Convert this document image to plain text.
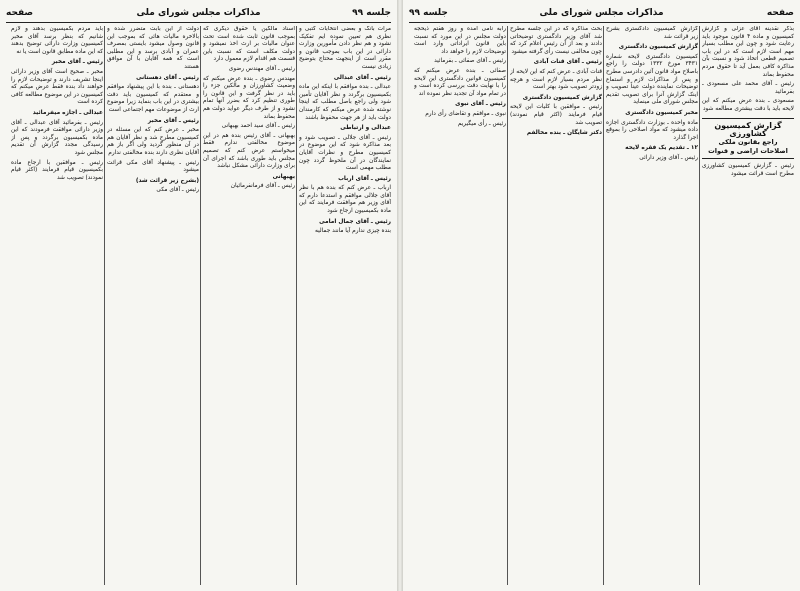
جلسه ۹۹
مذاکرات مجلس شورای ملی
صفحه

مرات بانگ و بعضی انتخابات کتبی و نظری هم تعیین نموده ایم تفکیک نشود و هم نظر دادن مأمورین وزارت دارائی در این باب بموجب قانون و مقرر است از اینجهت محتاج بتوضیح زیادی نیست

رئیس ـ آقای عبدالی

عبدالی ـ بنده موافقم با اینکه این ماده بکمیسیون برگردد و نظر آقایان تأمین شود ولی راجع باصل مطلب که اینجا نوشته شده عرض میکنم که کارمندان دولت باید از هر جهت محفوظ باشند

عبدالی و ارتباطی

رئیس ـ آقای جلالی ـ تصویب شود و بعد مذاکره شود که این موضوع در کمیسیون مطرح و نظرات آقایان نمایندگان در آن ملحوظ گردد چون مطلب مهمی است

رئیس ـ آقای ارباب

ارباب ـ عرض کنم که بنده هم با نظر آقای جلالی موافقم و استدعا دارم که آقای وزیر هم موافقت فرمایند که این ماده بکمیسیون ارجاع شود

رئیس ـ آقای جمال امامی

بنده چیزی ندارم آیا مانند جمالیه

اسناد مالکین یا حقوق دیگری که بموجب قانون ثابت شده است تحت عنوان مالیات بر ارث اخذ نمیشود و دولت مکلف است که نسبت باین قسمت هم اقدام لازم معمول دارد

رئیس ـ آقای مهندس رضوی

مهندس رضوی ـ بنده عرض میکنم که وضعیت کشاورزان و مالکین جزء را باید در نظر گرفت و این قانون را طوری تنظیم کرد که بضرر آنها تمام نشود و از طرف دیگر عواید دولت هم محفوظ بماند

رئیس ـ آقای سید احمد بهبهانی

بهبهانی ـ آقای رئیس بنده هم در این موضوع مخالفتی ندارم فقط میخواستم عرض کنم که تصمیم مجلس باید طوری باشد که اجرای آن برای وزارت دارائی مشکل نباشد

بهبهانی

رئیس ـ آقای فرمانفرمائیان

دولت از این بابت متضرر شده و بالاخره مالیات هائی که بموجب این قانون وصول میشود بایستی بمصرف عمران و آبادی برسد و این مطلبی است که همه آقایان با آن موافق هستند

رئیس ـ آقای دهستانی

دهستانی ـ بنده با این پیشنهاد موافقم و معتقدم که کمیسیون باید دقت بیشتری در این باب بنماید زیرا موضوع ارث از موضوعات مهم اجتماعی است

رئیس ـ آقای مخبر

مخبر ـ عرض کنم که این مسئله در کمیسیون مطرح شد و نظر آقایان هم در آن منظور گردید ولی اگر باز هم آقایان نظری دارند بنده مخالفتی ندارم

رئیس ـ پیشنهاد آقای مکی قرائت میشود

(بشرح زیر قرائت شد)

رئیس ـ آقای مکی

باید مردم بکمیسیون بدهند و لازم شانیم که بنظر برسد آقای مخبر کمیسیون وزارت دارائی توضیح بدهند که این ماده مطابق قانون است یا نه

رئیس ـ آقای مخبر

مخبر ـ صحیح است آقای وزیر دارائی اینجا تشریف دارند و توضیحات لازم را خواهند داد بنده فقط عرض میکنم که کمیسیون در این موضوع مطالعه کافی کرده است

عبدالی ـ اجازه میفرمائید

رئیس ـ بفرمائید آقای عبدالی ـ آقای وزیر دارائی موافقت فرمودند که این ماده بکمیسیون برگردد و پس از رسیدگی مجدد گزارش آن تقدیم مجلس شود

رئیس ـ موافقین با ارجاع ماده بکمیسیون قیام فرمایند (اکثر قیام نمودند) تصویب شد

صفحه
مذاکرات مجلس شورای ملی
جلسه ۹۹

بذکر نقدینه آقای عزلی و گزارش کمیسیون و ماده ۴ قانون موجود باید رعایت شود و چون این مطلب بسیار مهم است لازم است که در این باب تصمیم قطعی اتخاذ شود و نسبت بآن مذاکره کافی بعمل آید تا حقوق مردم محفوظ بماند

رئیس ـ آقای محمد علی مسعودی ـ بفرمائید

مسعودی ـ بنده عرض میکنم که این لایحه باید با دقت بیشتری مطالعه شود

گزارش کمیسیون کشاورزی
راجع بقانون ملکی
اصلاحات اراضی و قنوات

رئیس ـ گزارش کمیسیون کشاورزی مطرح است قرائت میشود

گزارش کمیسیون دادگستری بشرح زیر قرائت شد

گزارش کمیسیون دادگستری

کمیسیون دادگستری لایحه شماره ۳۴۳۱ مورخ ۱۳۳۲ دولت را راجع باصلاح مواد قانون آئین دادرسی مطرح و پس از مذاکرات لازم و استماع توضیحات نماینده دولت عیناً تصویب و اینک گزارش آنرا برای تصویب تقدیم مجلس شورای ملی مینماید

مخبر کمیسیون دادگستری

ماده واحده ـ بوزارت دادگستری اجازه داده میشود که مواد اصلاحی را بموقع اجرا گذارد

۱۲ ـ تقدیم یک فقره لایحه

رئیس ـ آقای وزیر دارائی

بحث مذاکره که در این جلسه مطرح شد آقای وزیر دادگستری توضیحاتی دادند و بعد از آن رئیس اعلام کرد که چون مخالفی نیست رأی گرفته میشود

رئیس ـ آقای قنات آبادی

قنات آبادی ـ عرض کنم که این لایحه از نظر مردم بسیار لازم است و هرچه زودتر تصویب شود بهتر است

گزارش کمیسیون دادگستری

رئیس ـ موافقین با کلیات این لایحه قیام فرمایند (اکثر قیام نمودند) تصویب شد

دکتر شایگان ـ بنده مخالفم

رابه نامی آمده و روز هفتم ذیحجه دولت مجلس در این مورد که نسبت باین قانون ایراداتی وارد است توضیحات لازم را خواهد داد

رئیس ـ آقای صفائی ـ بفرمائید

صفائی ـ بنده عرض میکنم که کمیسیون قوانین دادگستری این لایحه را با نهایت دقت بررسی کرده است و در تمام مواد آن تجدید نظر نموده اند

رئیس ـ آقای نبوی

نبوی ـ موافقم و تقاضای رأی دارم

رئیس ـ رأی میگیریم
